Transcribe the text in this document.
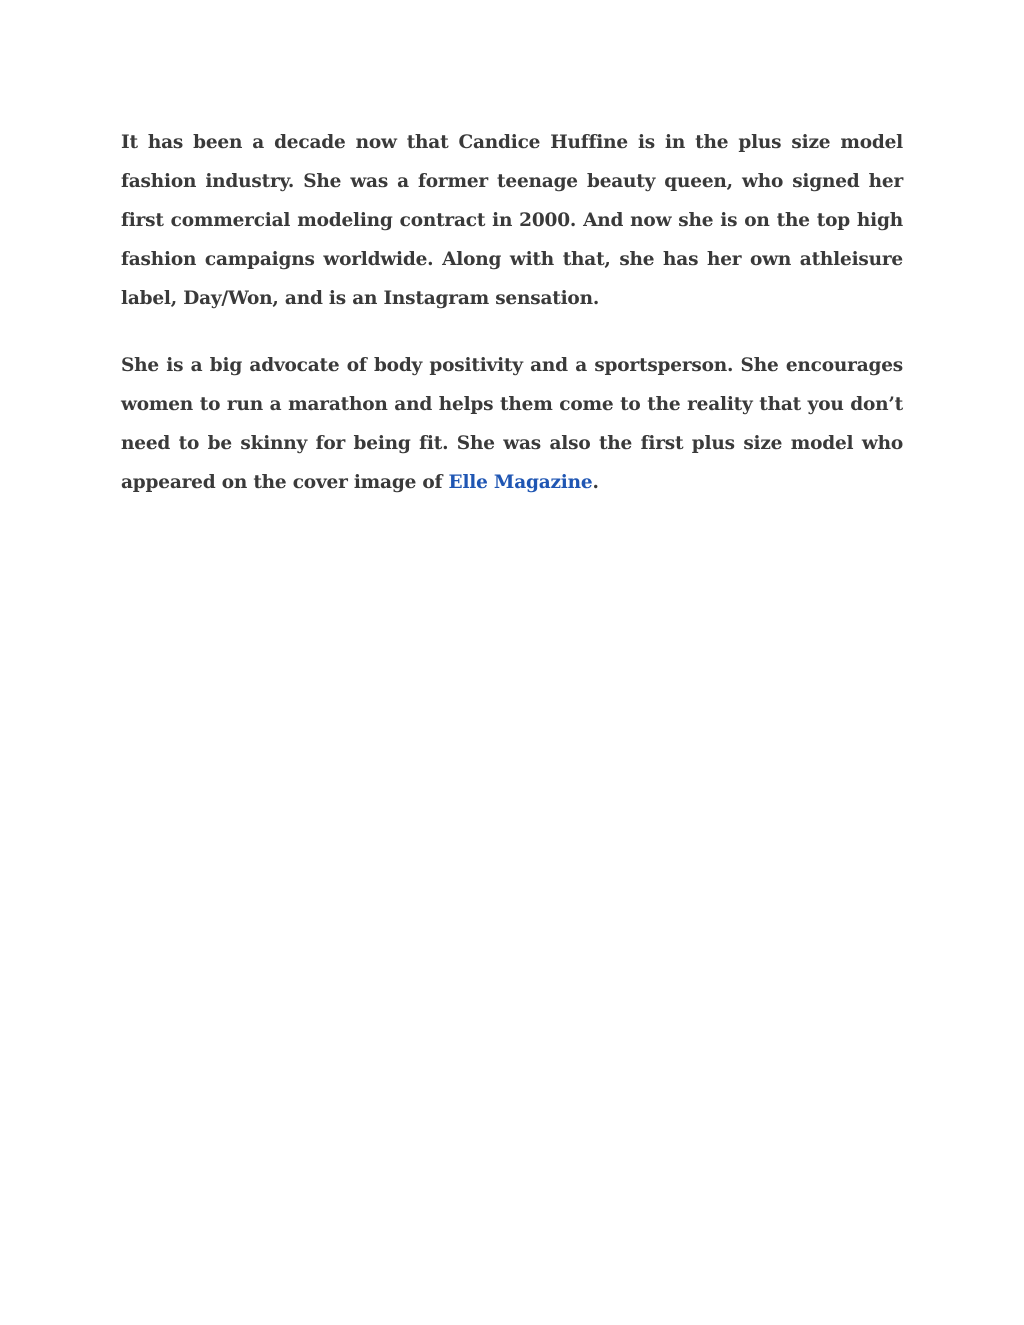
It has been a decade now that Candice Huffine is in the plus size model fashion industry. She was a former teenage beauty queen, who signed her first commercial modeling contract in 2000. And now she is on the top high fashion campaigns worldwide. Along with that, she has her own athleisure label, Day/Won, and is an Instagram sensation.

She is a big advocate of body positivity and a sportsperson. She encourages women to run a marathon and helps them come to the reality that you don’t need to be skinny for being fit. She was also the first plus size model who appeared on the cover image of Elle Magazine.
